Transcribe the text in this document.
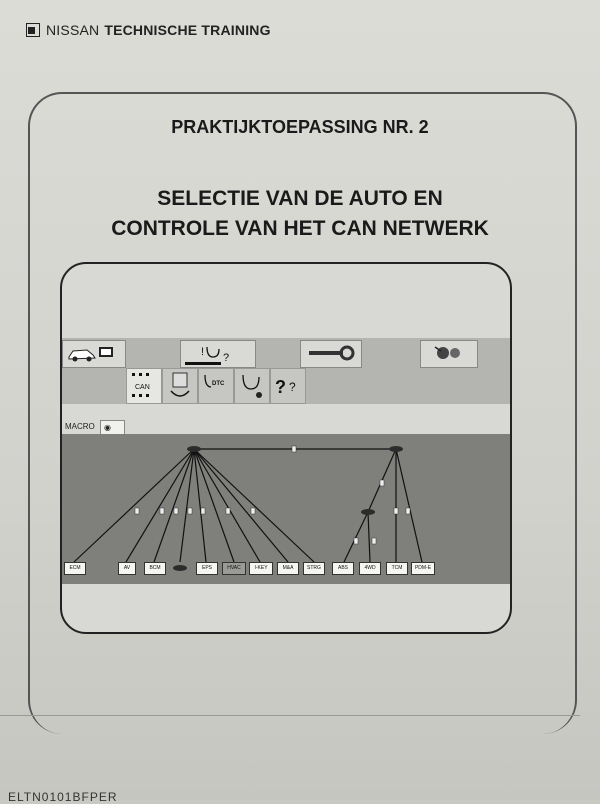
NISSAN TECHNISCHE TRAINING
PRAKTIJKTOEPASSING NR. 2
SELECTIE VAN DE AUTO EN
CONTROLE VAN HET CAN NETWERK
! ?
CAN	DTC	? ?
MACRO	◉
ECM	AV	BCM	EPS	HVAC	I-KEY	M&A	STRG	ABS	4WD	TCM	PDM-E
ELTN0101BFPER
